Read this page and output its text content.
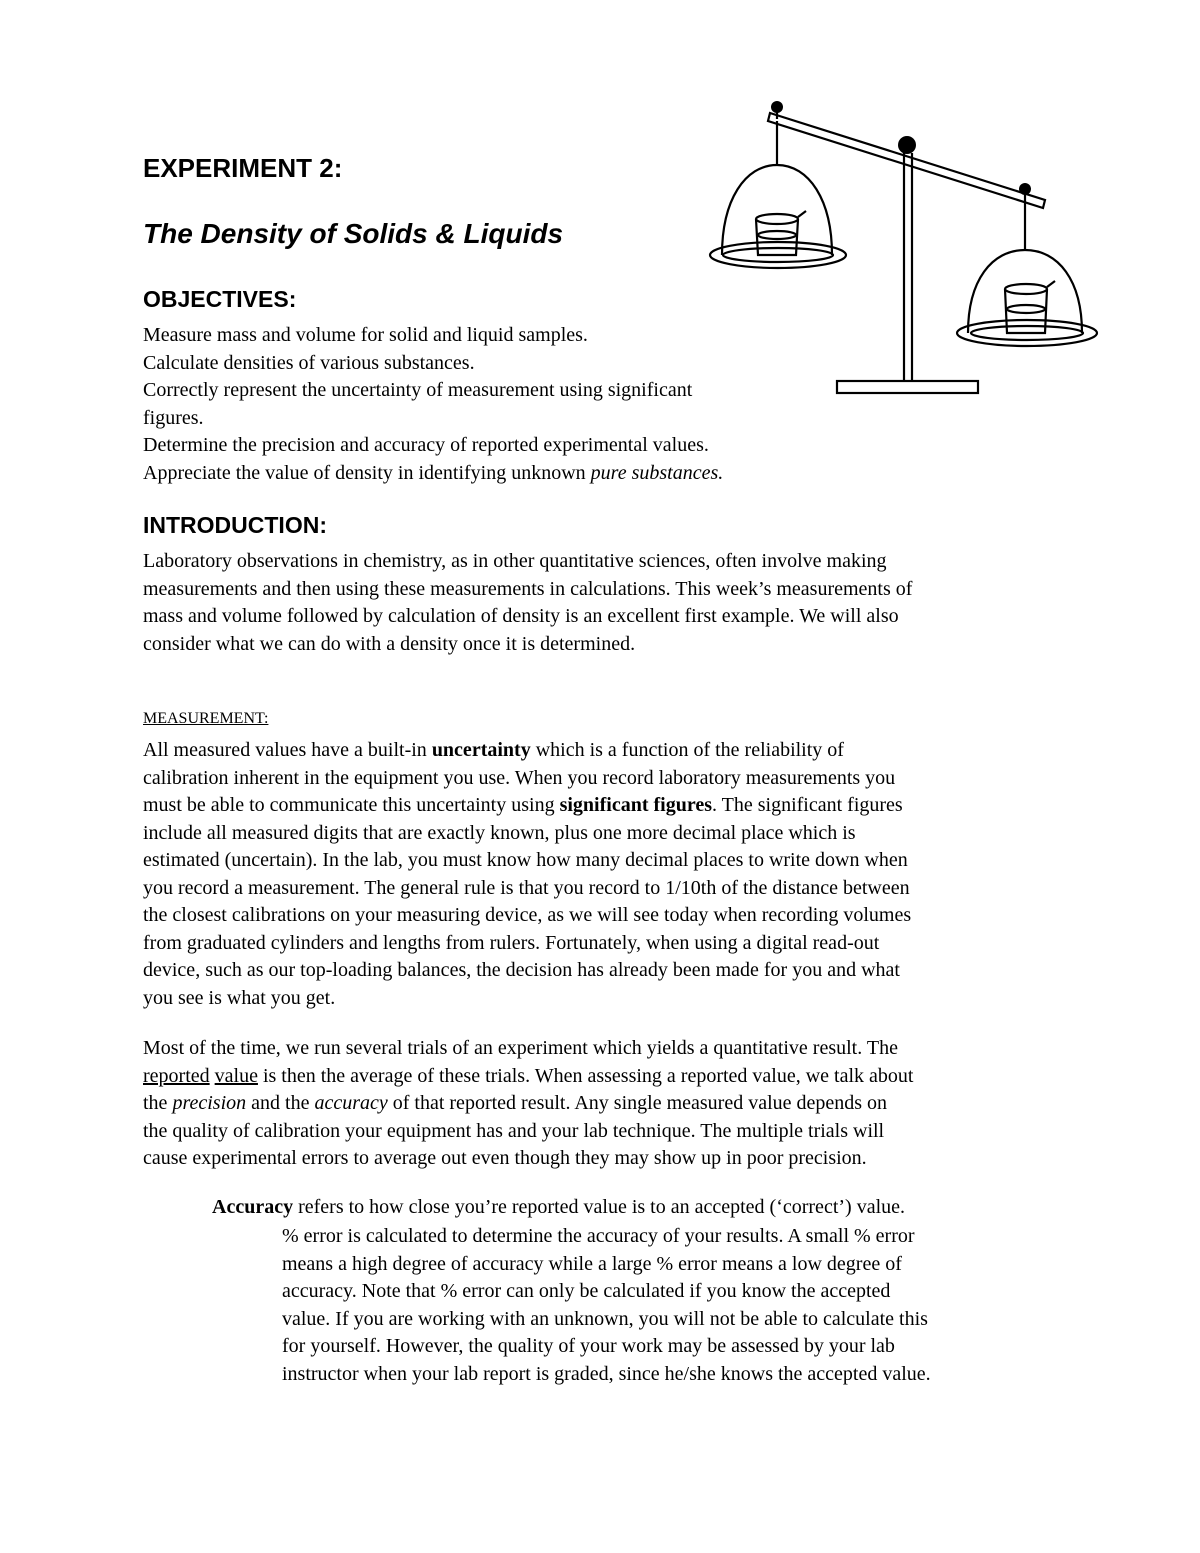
EXPERIMENT 2:
The Density of Solids & Liquids
OBJECTIVES:
Measure mass and volume for solid and liquid samples.
Calculate densities of various substances.
Correctly represent the uncertainty of measurement using significant
figures.
Determine the precision and accuracy of reported experimental values.
Appreciate the value of density in identifying unknown pure substances.
INTRODUCTION:
Laboratory observations in chemistry, as in other quantitative sciences, often involve making
measurements and then using these measurements in calculations. This week’s measurements of
mass and volume followed by calculation of density is an excellent first example. We will also
consider what we can do with a density once it is determined.
MEASUREMENT:
All measured values have a built-in uncertainty which is a function of the reliability of
calibration inherent in the equipment you use. When you record laboratory measurements you
must be able to communicate this uncertainty using significant figures. The significant figures
include all measured digits that are exactly known, plus one more decimal place which is
estimated (uncertain). In the lab, you must know how many decimal places to write down when
you record a measurement. The general rule is that you record to 1/10th of the distance between
the closest calibrations on your measuring device, as we will see today when recording volumes
from graduated cylinders and lengths from rulers. Fortunately, when using a digital read-out
device, such as our top-loading balances, the decision has already been made for you and what
you see is what you get.
Most of the time, we run several trials of an experiment which yields a quantitative result. The
reported value is then the average of these trials. When assessing a reported value, we talk about
the precision and the accuracy of that reported result. Any single measured value depends on
the quality of calibration your equipment has and your lab technique. The multiple trials will
cause experimental errors to average out even though they may show up in poor precision.
Accuracy refers to how close you’re reported value is to an accepted (‘correct’) value.
% error is calculated to determine the accuracy of your results. A small % error
means a high degree of accuracy while a large % error means a low degree of
accuracy. Note that % error can only be calculated if you know the accepted
value. If you are working with an unknown, you will not be able to calculate this
for yourself. However, the quality of your work may be assessed by your lab
instructor when your lab report is graded, since he/she knows the accepted value.
